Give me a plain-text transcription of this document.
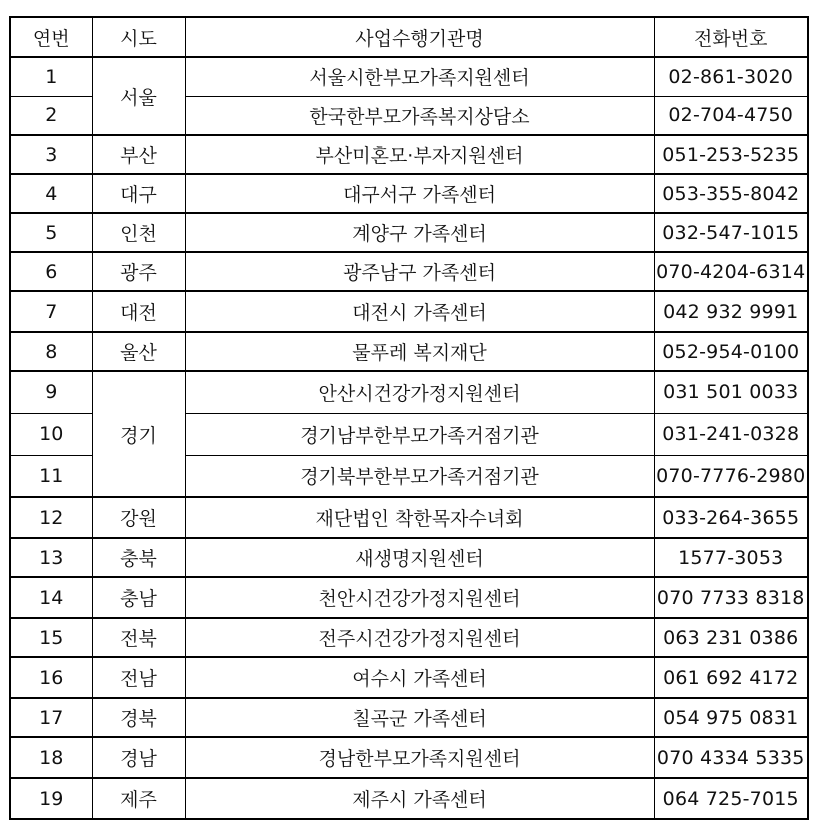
연번	시도	사업수행기관명	전화번호
1	서울	서울시한부모가족지원센터	02-861-3020
2		한국한부모가족복지상담소	02-704-4750
3	부산	부산미혼모·부자지원센터	051-253-5235
4	대구	대구서구 가족센터	053-355-8042
5	인천	계양구 가족센터	032-547-1015
6	광주	광주남구 가족센터	070-4204-6314
7	대전	대전시 가족센터	042 932 9991
8	울산	물푸레 복지재단	052-954-0100
9	경기	안산시건강가정지원센터	031 501 0033
10		경기남부한부모가족거점기관	031-241-0328
11		경기북부한부모가족거점기관	070-7776-2980
12	강원	재단법인 착한목자수녀회	033-264-3655
13	충북	새생명지원센터	1577-3053
14	충남	천안시건강가정지원센터	070 7733 8318
15	전북	전주시건강가정지원센터	063 231 0386
16	전남	여수시 가족센터	061 692 4172
17	경북	칠곡군 가족센터	054 975 0831
18	경남	경남한부모가족지원센터	070 4334 5335
19	제주	제주시 가족센터	064 725-7015
